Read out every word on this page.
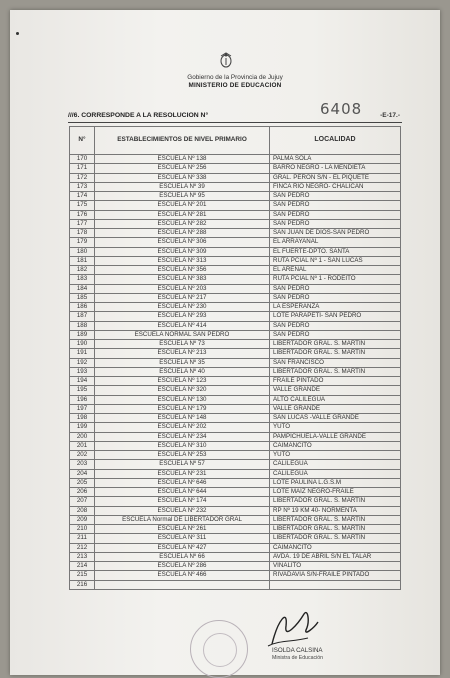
Gobierno de la Provincia de Jujuy
MINISTERIO DE EDUCACION
///6. CORRESPONDE A LA RESOLUCION N°	6408	-E-17.-
N°	ESTABLECIMIENTOS DE NIVEL PRIMARIO	LOCALIDAD
170	ESCUELA Nº 138	PALMA SOLA
171	ESCUELA Nº 256	BARRO NEGRO - LA MENDIETA
172	ESCUELA Nº 338	GRAL. PERON S/N - EL PIQUETE
173	ESCUELA Nº 39	FINCA RIO NEGRO- CHALICAN
174	ESCUELA Nº 95	SAN PEDRO
175	ESCUELA Nº 201	SAN PEDRO
176	ESCUELA Nº 281	SAN PEDRO
177	ESCUELA Nº 282	SAN PEDRO
178	ESCUELA Nº 288	SAN JUAN DE DIOS-SAN PEDRO
179	ESCUELA Nº 306	EL ARRAYANAL
180	ESCUELA Nº 309	EL FUERTE-DPTO. SANTA
181	ESCUELA Nº 313	RUTA PCIAL Nº 1 - SAN LUCAS
182	ESCUELA Nº 356	EL ARENAL
183	ESCUELA Nº 383	RUTA PCIAL Nº 1 - RODEITO
184	ESCUELA Nº 203	SAN PEDRO
185	ESCUELA Nº 217	SAN PEDRO
186	ESCUELA Nº 230	LA ESPERANZA
187	ESCUELA Nº 293	LOTE PARAPETÍ- SAN PEDRO
188	ESCUELA Nº 414	SAN PEDRO
189	ESCUELA NORMAL SAN PEDRO	SAN PEDRO
190	ESCUELA Nº 73	LIBERTADOR GRAL. S. MARTIN
191	ESCUELA Nº 213	LIBERTADOR GRAL. S. MARTIN
192	ESCUELA Nº 35	SAN FRANCISCO
193	ESCUELA Nº 40	LIBERTADOR GRAL. S. MARTIN
194	ESCUELA Nº 123	FRAILE PINTADO
195	ESCUELA Nº 320	VALLE GRANDE
196	ESCUELA Nº 130	ALTO CALILEGUA
197	ESCUELA Nº 179	VALLE GRANDE
198	ESCUELA Nº 148	SAN LUCAS -VALLE GRANDE
199	ESCUELA Nº 202	YUTO
200	ESCUELA Nº 234	PAMPICHUELA-VALLE GRANDE
201	ESCUELA Nº 310	CAIMANCITO
202	ESCUELA Nº 253	YUTO
203	ESCUELA Nº 57	CALILEGUA
204	ESCUELA Nº 231	CALILEGUA
205	ESCUELA Nº 646	LOTE PAULINA L.G.S.M
206	ESCUELA Nº 644	LOTE MAÍZ NEGRO-FRAILE
207	ESCUELA Nº 174	LIBERTADOR GRAL. S. MARTIN
208	ESCUELA Nº 232	RP Nº 19 KM 40- NORMENTA
209	ESCUELA Normal DE LIBERTADOR GRAL	LIBERTADOR GRAL. S. MARTIN
210	ESCUELA Nº 261	LIBERTADOR GRAL. S. MARTIN
211	ESCUELA Nº 311	LIBERTADOR GRAL. S. MARTIN
212	ESCUELA Nº 427	CAIMANCITO
213	ESCUELA Nº 66	AVDA. 19 DE ABRIL S/N EL TALAR
214	ESCUELA Nº 286	VINALITO
215	ESCUELA Nº 466	RIVADAVIA S/N-FRAILE PINTADO
216		
ISOLDA CALSINA
Ministra de Educación
